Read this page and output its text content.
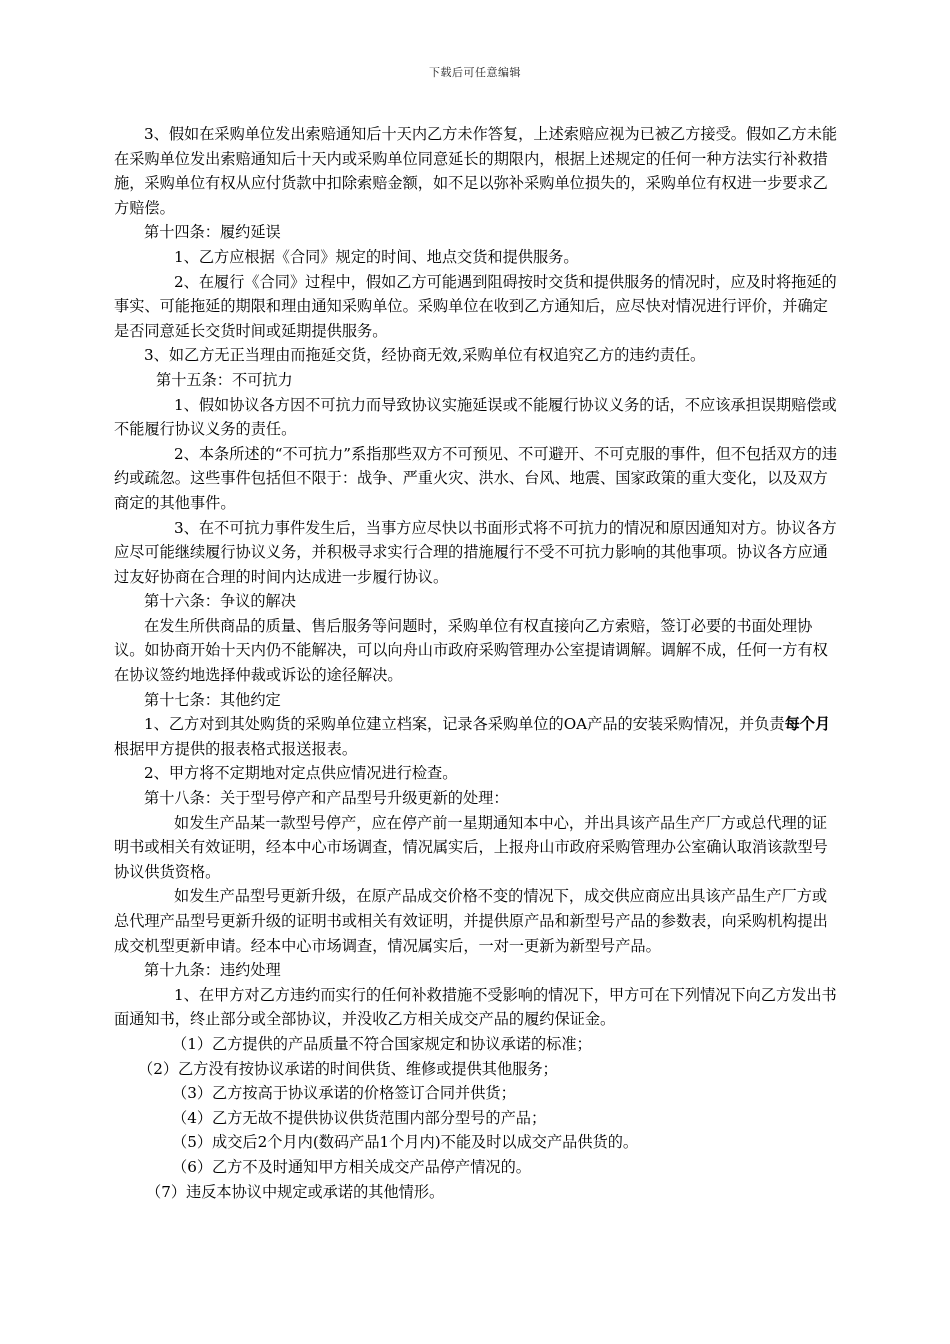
下载后可任意编辑

3、假如在采购单位发出索赔通知后十天内乙方未作答复，上述索赔应视为已被乙方接受。假如乙方未能在采购单位发出索赔通知后十天内或采购单位同意延长的期限内，根据上述规定的任何一种方法实行补救措施，采购单位有权从应付货款中扣除索赔金额，如不足以弥补采购单位损失的，采购单位有权进一步要求乙方赔偿。

第十四条：履约延误

1、乙方应根据《合同》规定的时间、地点交货和提供服务。

2、在履行《合同》过程中，假如乙方可能遇到阻碍按时交货和提供服务的情况时，应及时将拖延的事实、可能拖延的期限和理由通知采购单位。采购单位在收到乙方通知后，应尽快对情况进行评价，并确定是否同意延长交货时间或延期提供服务。

3、如乙方无正当理由而拖延交货，经协商无效,采购单位有权追究乙方的违约责任。

第十五条：不可抗力

1、假如协议各方因不可抗力而导致协议实施延误或不能履行协议义务的话，不应该承担误期赔偿或不能履行协议义务的责任。

2、本条所述的“不可抗力”系指那些双方不可预见、不可避开、不可克服的事件，但不包括双方的违约或疏忽。这些事件包括但不限于：战争、严重火灾、洪水、台风、地震、国家政策的重大变化，以及双方商定的其他事件。

3、在不可抗力事件发生后，当事方应尽快以书面形式将不可抗力的情况和原因通知对方。协议各方应尽可能继续履行协议义务，并积极寻求实行合理的措施履行不受不可抗力影响的其他事项。协议各方应通过友好协商在合理的时间内达成进一步履行协议。

第十六条：争议的解决

在发生所供商品的质量、售后服务等问题时，采购单位有权直接向乙方索赔，签订必要的书面处理协议。如协商开始十天内仍不能解决，可以向舟山市政府采购管理办公室提请调解。调解不成，任何一方有权在协议签约地选择仲裁或诉讼的途径解决。

第十七条：其他约定

1、乙方对到其处购货的采购单位建立档案，记录各采购单位的OA产品的安装采购情况，并负责每个月根据甲方提供的报表格式报送报表。

2、甲方将不定期地对定点供应情况进行检查。

第十八条：关于型号停产和产品型号升级更新的处理：

如发生产品某一款型号停产，应在停产前一星期通知本中心，并出具该产品生产厂方或总代理的证明书或相关有效证明，经本中心市场调查，情况属实后，上报舟山市政府采购管理办公室确认取消该款型号协议供货资格。

如发生产品型号更新升级，在原产品成交价格不变的情况下，成交供应商应出具该产品生产厂方或总代理产品型号更新升级的证明书或相关有效证明，并提供原产品和新型号产品的参数表，向采购机构提出成交机型更新申请。经本中心市场调查，情况属实后，一对一更新为新型号产品。

第十九条：违约处理

1、在甲方对乙方违约而实行的任何补救措施不受影响的情况下，甲方可在下列情况下向乙方发出书面通知书，终止部分或全部协议，并没收乙方相关成交产品的履约保证金。

（1）乙方提供的产品质量不符合国家规定和协议承诺的标准；

（2）乙方没有按协议承诺的时间供货、维修或提供其他服务；

（3）乙方按高于协议承诺的价格签订合同并供货；

（4）乙方无故不提供协议供货范围内部分型号的产品；

（5）成交后2个月内(数码产品1个月内)不能及时以成交产品供货的。

（6）乙方不及时通知甲方相关成交产品停产情况的。

（7）违反本协议中规定或承诺的其他情形。
